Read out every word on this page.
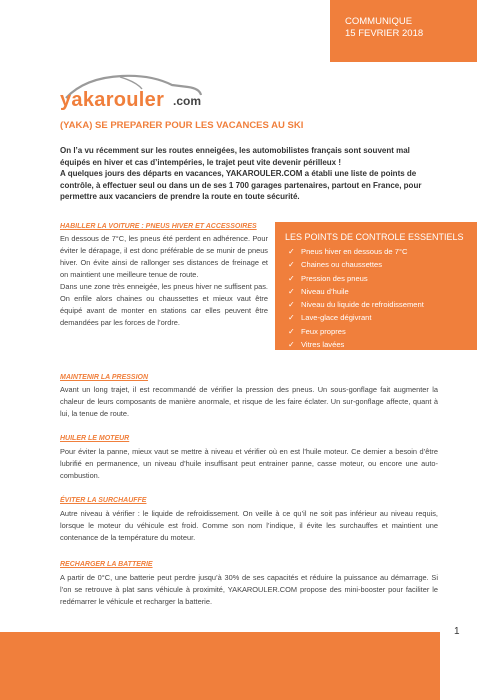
COMMUNIQUE
15 FEVRIER 2018
yakarouler .com
(YAKA) SE PREPARER POUR LES VACANCES AU SKI

On l’a vu récemment sur les routes enneigées, les automobilistes français sont souvent mal équipés en hiver et cas d’intempéries, le trajet peut vite devenir périlleux !

A quelques jours des départs en vacances, YAKAROULER.COM a établi une liste de points de contrôle, à effectuer seul ou dans un de ses 1 700 garages partenaires, partout en France, pour permettre aux vacanciers de prendre la route en toute sécurité.

HABILLER LA VOITURE : PNEUS HIVER ET ACCESSOIRES

En dessous de 7°C, les pneus été perdent en adhérence. Pour éviter le dérapage, il est donc préférable de se munir de pneus hiver. On évite ainsi de rallonger ses distances de freinage et on maintient une meilleure tenue de route.

Dans une zone très enneigée, les pneus hiver ne suffisent pas. On enfile alors chaines ou chaussettes et mieux vaut être équipé avant de monter en stations car elles peuvent être demandées par les forces de l’ordre.

LES POINTS DE CONTROLE ESSENTIELS
✓ Pneus hiver en dessous de 7°C
✓ Chaines ou chaussettes
✓ Pression des pneus
✓ Niveau d’huile
✓ Niveau du liquide de refroidissement
✓ Lave-glace dégivrant
✓ Feux propres
✓ Vitres lavées
MAINTENIR LA PRESSION

Avant un long trajet, il est recommandé de vérifier la pression des pneus. Un sous-gonflage fait augmenter la chaleur de leurs composants de manière anormale, et risque de les faire éclater. Un sur-gonflage affecte, quant à lui, la tenue de route.

HUILER LE MOTEUR

Pour éviter la panne, mieux vaut se mettre à niveau et vérifier où en est l’huile moteur. Ce dernier a besoin d’être lubrifié en permanence, un niveau d’huile insuffisant peut entrainer panne, casse moteur, ou encore une auto-combustion.

ÉVITER LA SURCHAUFFE

Autre niveau à vérifier : le liquide de refroidissement. On veille à ce qu’il ne soit pas inférieur au niveau requis, lorsque le moteur du véhicule est froid. Comme son nom l’indique, il évite les surchauffes et maintient une contenance de la température du moteur.

RECHARGER LA BATTERIE

A partir de 0°C, une batterie peut perdre jusqu’à 30% de ses capacités et réduire la puissance au démarrage. Si l’on se retrouve à plat sans véhicule à proximité, YAKAROULER.COM propose des mini-booster pour faciliter le redémarrer le véhicule et recharger la batterie.

1
